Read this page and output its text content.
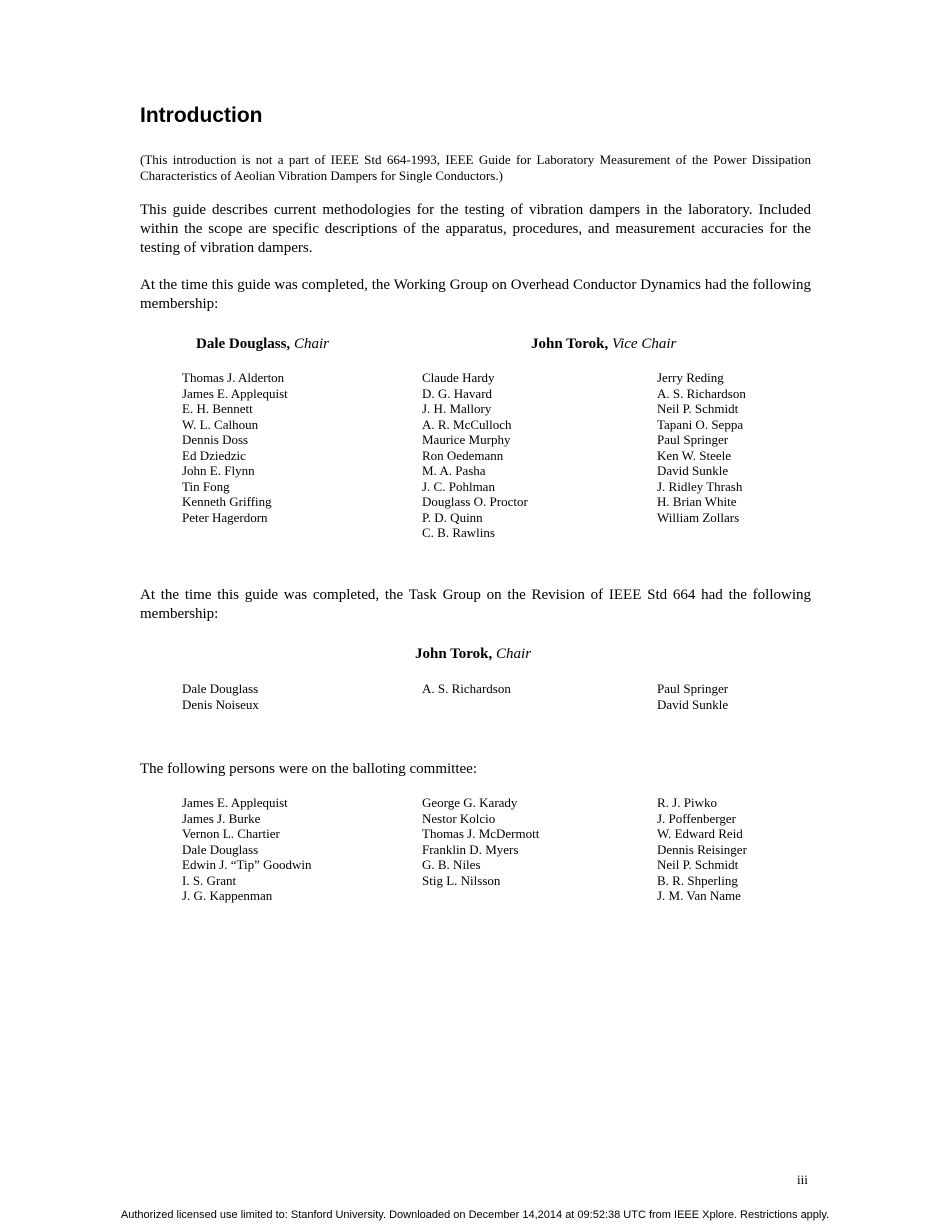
Introduction

(This introduction is not a part of IEEE Std 664-1993, IEEE Guide for Laboratory Measurement of the Power Dissipation Characteristics of Aeolian Vibration Dampers for Single Conductors.)

This guide describes current methodologies for the testing of vibration dampers in the laboratory. Included within the scope are specific descriptions of the apparatus, procedures, and measurement accuracies for the testing of vibration dampers.

At the time this guide was completed, the Working Group on Overhead Conductor Dynamics had the following membership:

Dale Douglass, Chair	John Torok, Vice Chair
Thomas J. Alderton
James E. Applequist
E. H. Bennett
W. L. Calhoun
Dennis Doss
Ed Dziedzic
John E. Flynn
Tin Fong
Kenneth Griffing
Peter Hagerdorn
Claude Hardy
D. G. Havard
J. H. Mallory
A. R. McCulloch
Maurice Murphy
Ron Oedemann
M. A. Pasha
J. C. Pohlman
Douglass O. Proctor
P. D. Quinn
C. B. Rawlins
Jerry Reding
A. S. Richardson
Neil P. Schmidt
Tapani O. Seppa
Paul Springer
Ken W. Steele
David Sunkle
J. Ridley Thrash
H. Brian White
William Zollars

At the time this guide was completed, the Task Group on the Revision of IEEE Std 664 had the following membership:

John Torok, Chair
Dale Douglass
Denis Noiseux
A. S. Richardson	Paul Springer
David Sunkle

The following persons were on the balloting committee:

James E. Applequist
James J. Burke
Vernon L. Chartier
Dale Douglass
Edwin J. “Tip” Goodwin
I. S. Grant
J. G. Kappenman
George G. Karady
Nestor Kolcio
Thomas J. McDermott
Franklin D. Myers
G. B. Niles
Stig L. Nilsson
R. J. Piwko
J. Poffenberger
W. Edward Reid
Dennis Reisinger
Neil P. Schmidt
B. R. Shperling
J. M. Van Name
iii
Authorized licensed use limited to: Stanford University. Downloaded on December 14,2014 at 09:52:38 UTC from IEEE Xplore. Restrictions apply.
